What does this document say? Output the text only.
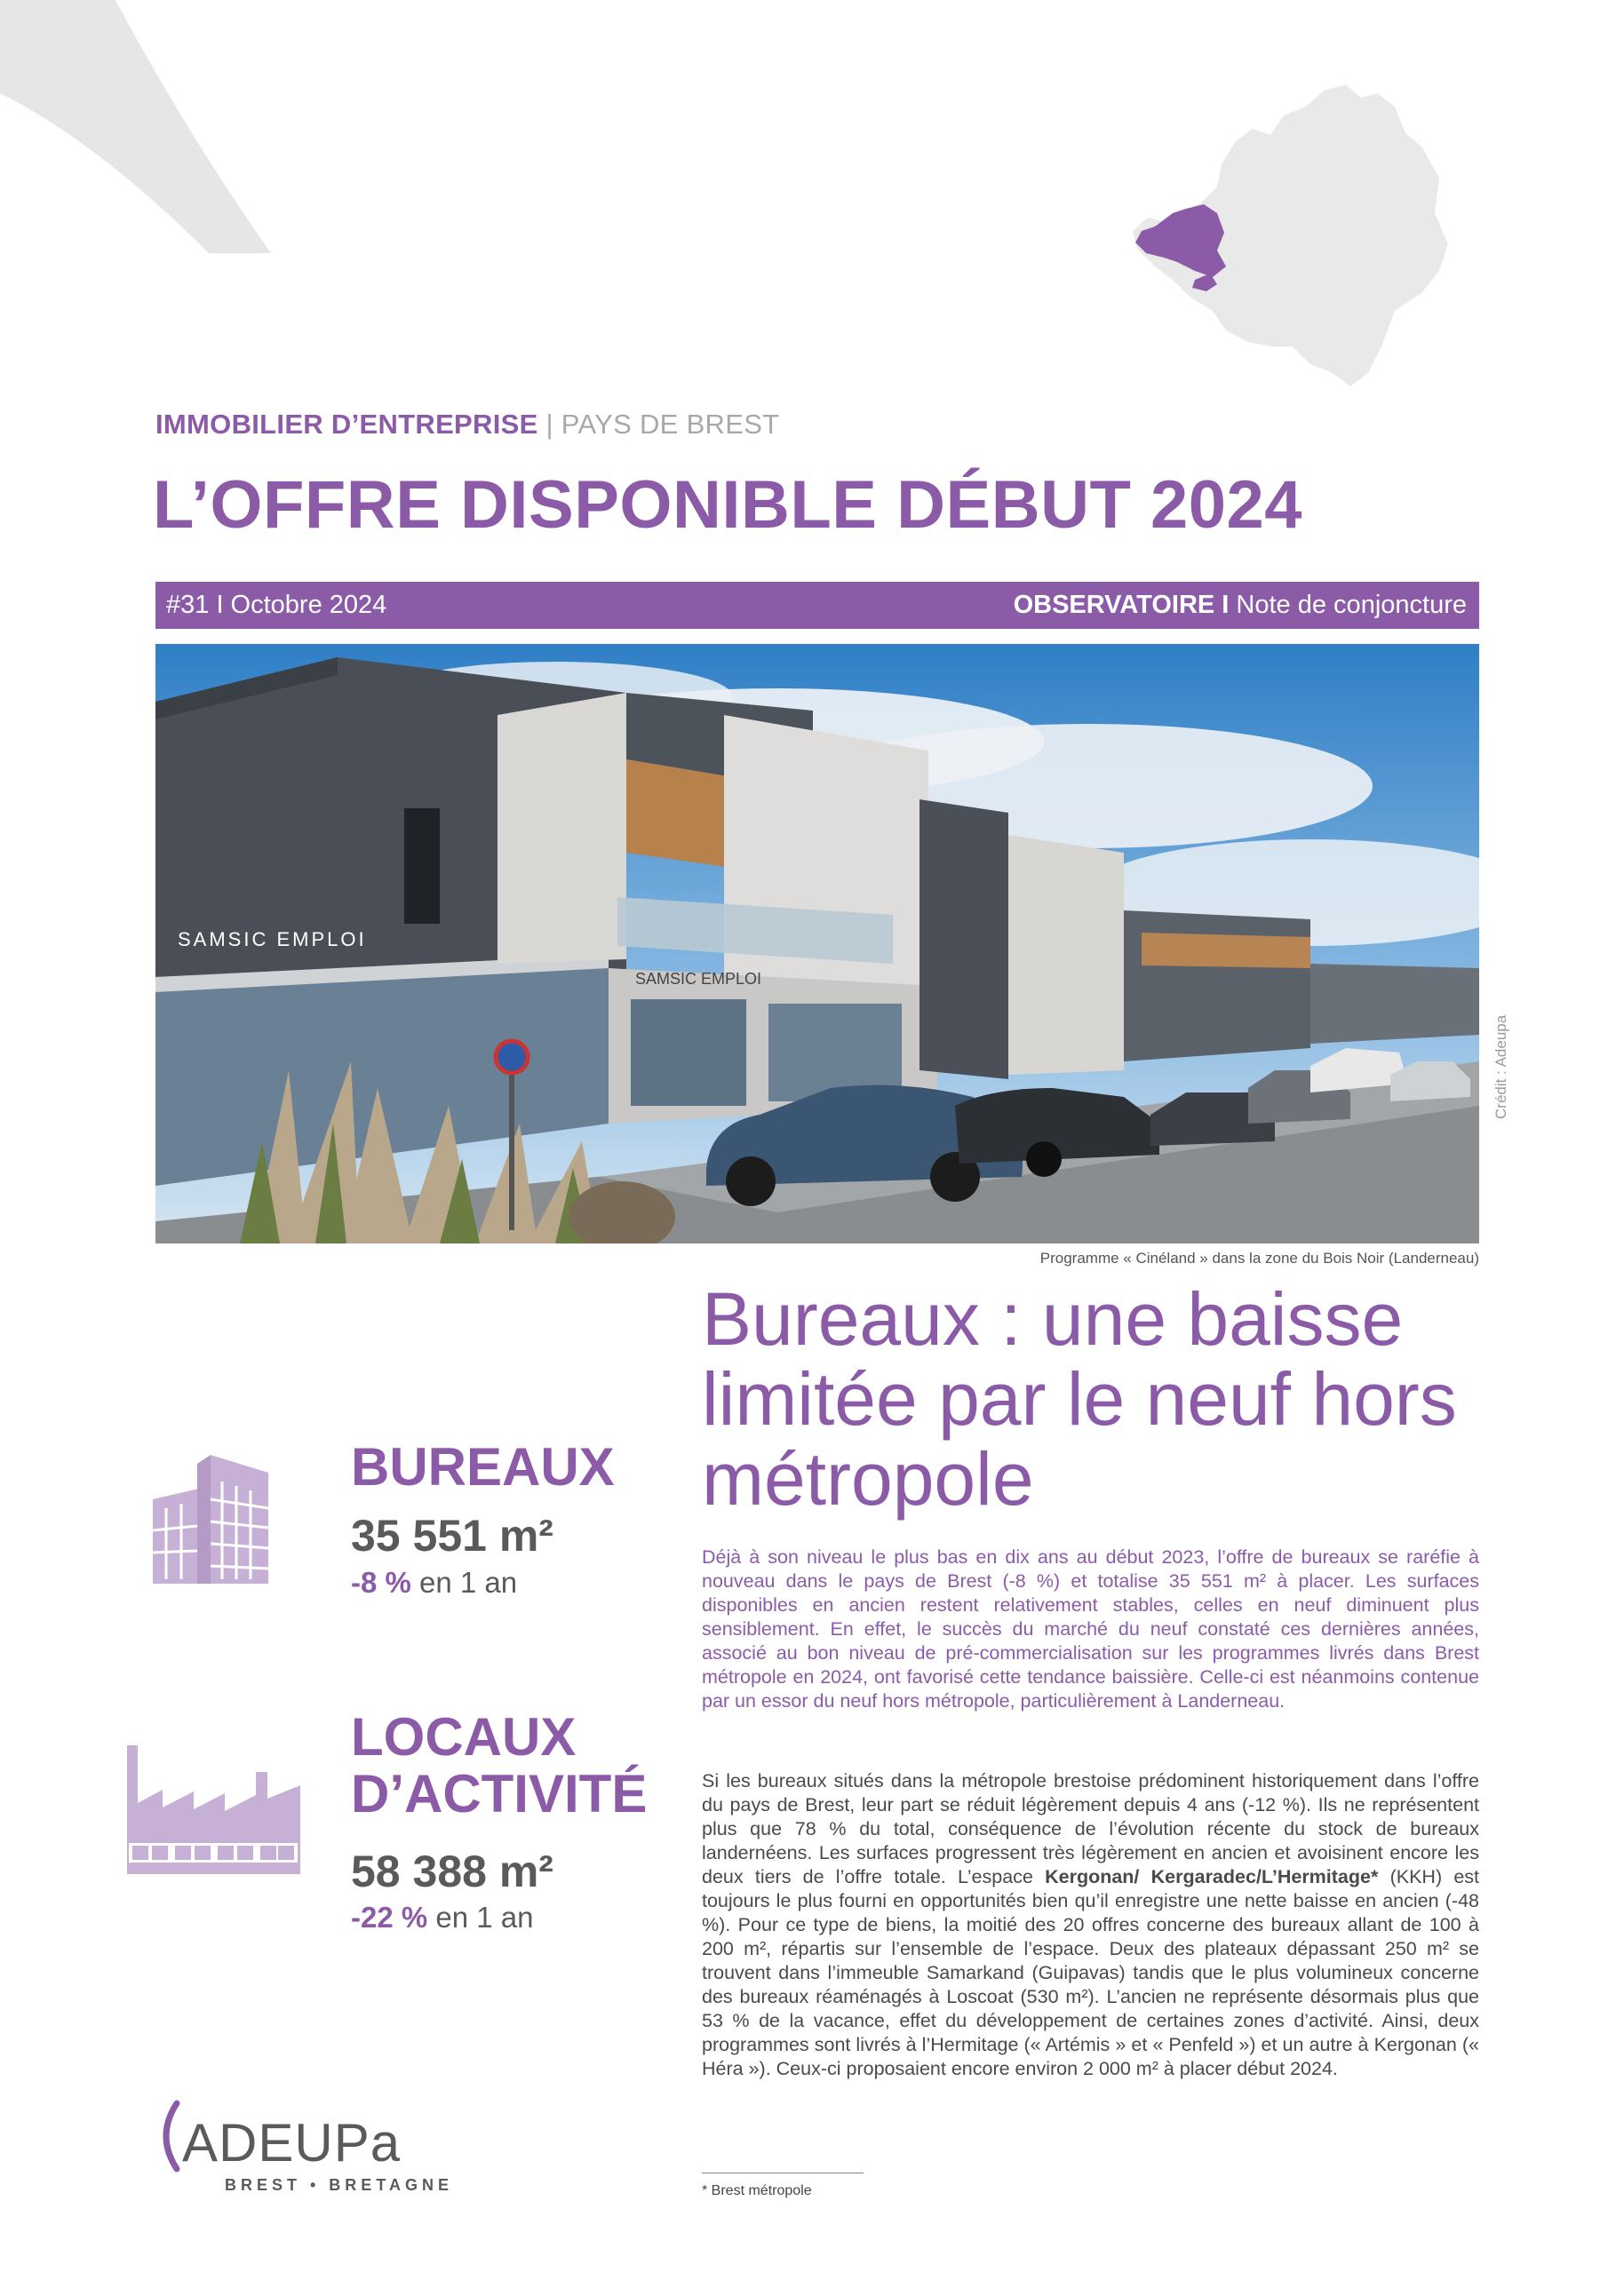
IMMOBILIER D’ENTREPRISE | PAYS DE BREST
L’OFFRE DISPONIBLE DÉBUT 2024
#31 I Octobre 2024	OBSERVATOIRE I Note de conjoncture
SAMSIC EMPLOI
SAMSIC EMPLOI
Crédit : Adeupa
Programme « Cinéland » dans la zone du Bois Noir (Landerneau)
BUREAUX
35 551 m²
-8 % en 1 an
LOCAUX
D’ACTIVITÉ
58 388 m²
-22 % en 1 an
Bureaux : une baisse limitée par le neuf hors métropole
Déjà à son niveau le plus bas en dix ans au début 2023, l’offre de bureaux se raréfie à nouveau dans le pays de Brest (-8 %) et totalise 35 551 m² à placer. Les surfaces disponibles en ancien restent relativement stables, celles en neuf diminuent plus sensiblement. En effet, le succès du marché du neuf constaté ces dernières années, associé au bon niveau de pré-commercialisation sur les programmes livrés dans Brest métropole en 2024, ont favorisé cette tendance baissière. Celle-ci est néanmoins contenue par un essor du neuf hors métropole, particulièrement à Landerneau.
Si les bureaux situés dans la métropole brestoise prédominent historiquement dans l’offre du pays de Brest, leur part se réduit légèrement depuis 4 ans (-12 %). Ils ne représentent plus que 78 % du total, conséquence de l’évolution récente du stock de bureaux landernéens. Les surfaces progressent très légèrement en ancien et avoisinent encore les deux tiers de l’offre totale. L’espace Kergonan/ Kergaradec/L’Hermitage* (KKH) est toujours le plus fourni en opportunités bien qu’il enregistre une nette baisse en ancien (-48 %). Pour ce type de biens, la moitié des 20 offres concerne des bureaux allant de 100 à 200 m², répartis sur l’ensemble de l’espace. Deux des plateaux dépassant 250 m² se trouvent dans l’immeuble Samarkand (Guipavas) tandis que le plus volumineux concerne des bureaux réaménagés à Loscoat (530 m²). L’ancien ne représente désormais plus que 53 % de la vacance, effet du développement de certaines zones d’activité. Ainsi, deux programmes sont livrés à l’Hermitage (« Artémis » et « Penfeld ») et un autre à Kergonan (« Héra »). Ceux-ci proposaient encore environ 2 000 m² à placer début 2024.
* Brest métropole
ADEUPa
BREST • BRETAGNE
